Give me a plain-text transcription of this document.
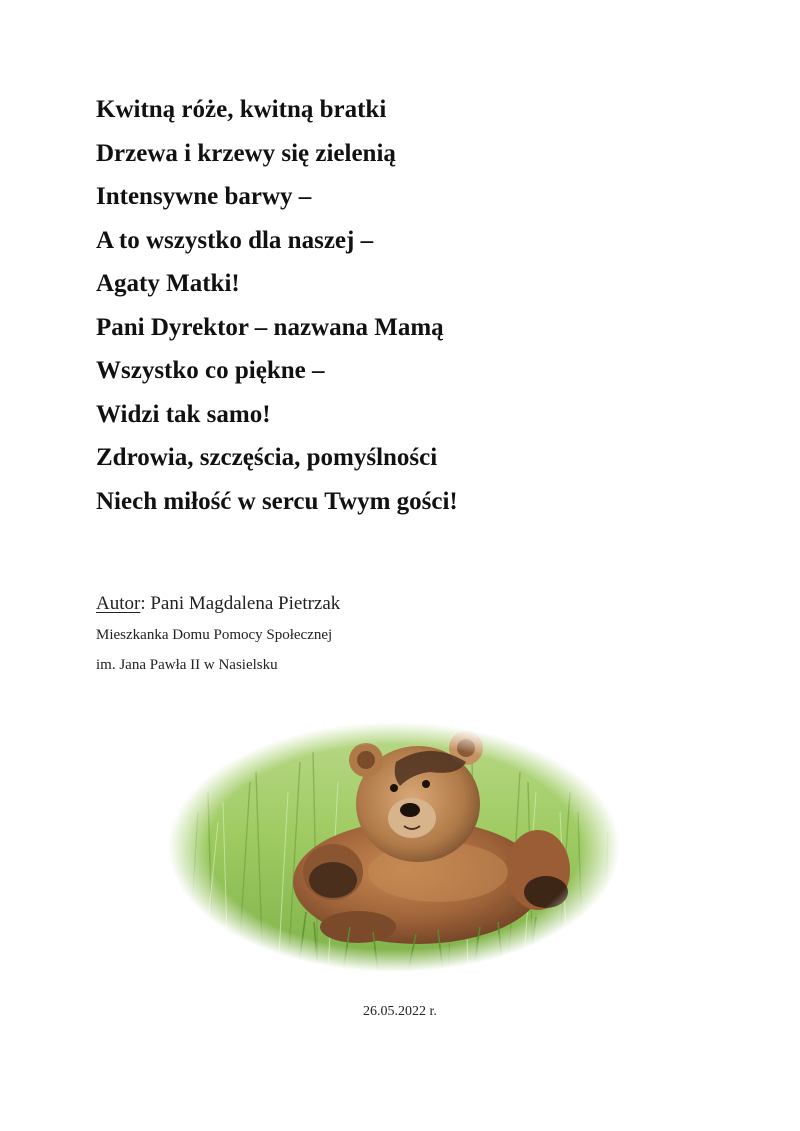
Kwitną róże, kwitną bratki
Drzewa i krzewy się zielenią
Intensywne barwy –
A to wszystko dla naszej –
Agaty Matki!
Pani Dyrektor – nazwana Mamą
Wszystko co piękne –
Widzi tak samo!
Zdrowia, szczęścia, pomyślności
Niech miłość w sercu Twym gości!
Autor: Pani Magdalena Pietrzak
Mieszkanka Domu Pomocy Społecznej
im. Jana Pawła II w Nasielsku
26.05.2022 r.
